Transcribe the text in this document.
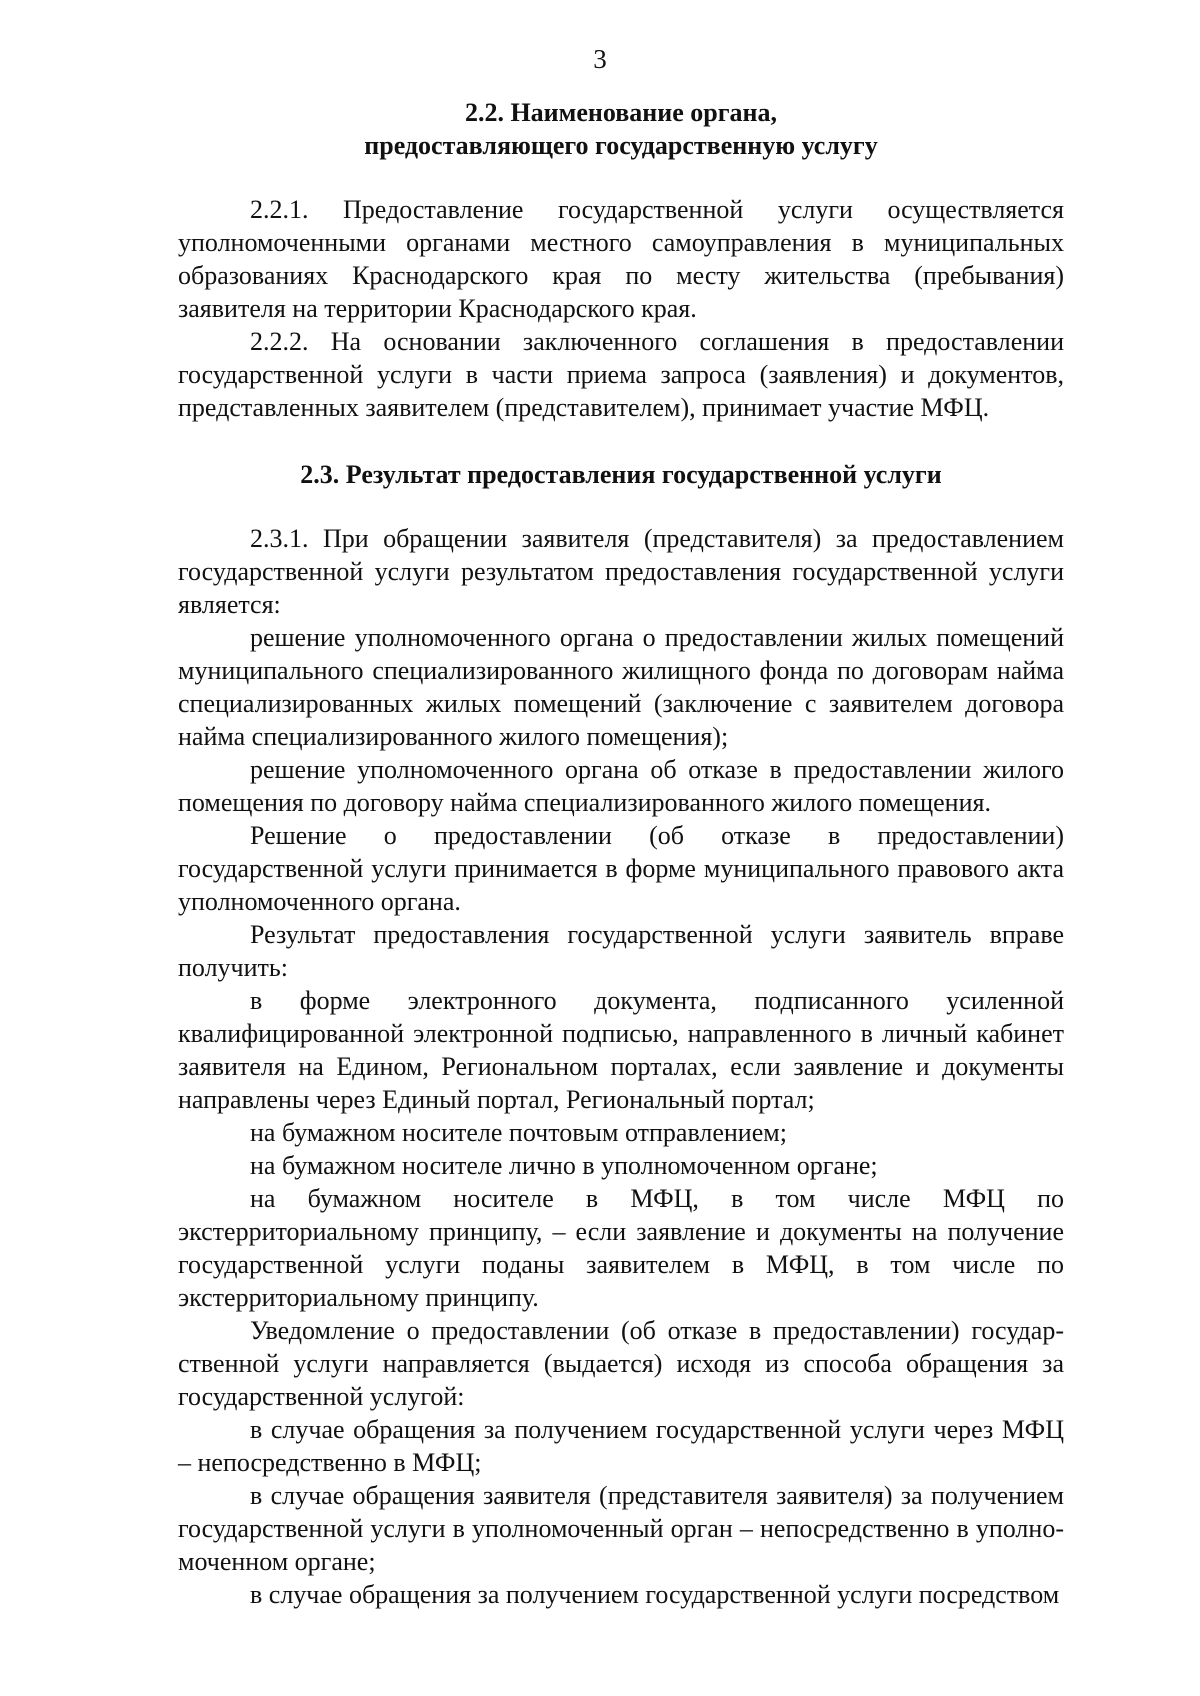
3
2.2. Наименование органа,
предоставляющего государственную услугу

2.2.1. Предоставление государственной услуги осуществляется уполномоченными органами местного самоуправления в муниципальных образованиях Краснодарского края по месту жительства (пребывания) заявителя на территории Краснодарского края.

2.2.2. На основании заключенного соглашения в предоставлении государственной услуги в части приема запроса (заявления) и документов, представленных заявителем (представителем), принимает участие МФЦ.

2.3. Результат предоставления государственной услуги

2.3.1. При обращении заявителя (представителя) за предоставлением государственной услуги результатом предоставления государственной услуги является:

решение уполномоченного органа о предоставлении жилых помещений муниципального специализированного жилищного фонда по договорам найма специализированных жилых помещений (заключение с заявителем договора найма специализированного жилого помещения);

решение уполномоченного органа об отказе в предоставлении жилого помещения по договору найма специализированного жилого помещения.

Решение о предоставлении (об отказе в предоставлении) государственной услуги принимается в форме муниципального правового акта уполномоченного органа.

Результат предоставления государственной услуги заявитель вправе получить:

в форме электронного документа, подписанного усиленной квалифицированной электронной подписью, направленного в личный кабинет заявителя на Едином, Региональном порталах, если заявление и документы направлены через Единый портал, Региональный портал;

на бумажном носителе почтовым отправлением;

на бумажном носителе лично в уполномоченном органе;

на бумажном носителе в МФЦ, в том числе МФЦ по экстерриториальному принципу, – если заявление и документы на получение государственной услуги поданы заявителем в МФЦ, в том числе по экстерриториальному принципу.

Уведомление о предоставлении (об отказе в предоставлении) государственной услуги направляется (выдается) исходя из способа обращения за государственной услугой:

в случае обращения за получением государственной услуги через МФЦ – непосредственно в МФЦ;

в случае обращения заявителя (представителя заявителя) за получением государственной услуги в уполномоченный орган – непосредственно в уполномоченном органе;

в случае обращения за получением государственной услуги посредством
